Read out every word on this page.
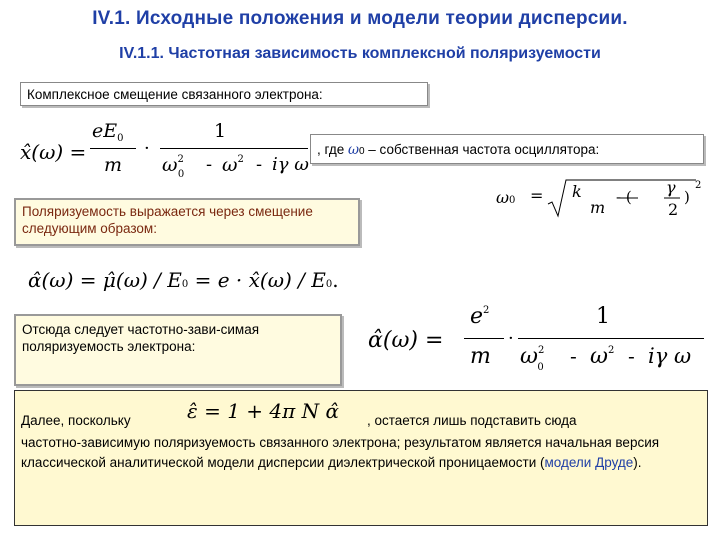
IV.1. Исходные положения и модели теории дисперсии.
IV.1.1. Частотная зависимость комплексной поляризуемости
Комплексное смещение связанного электрона:
x̂(ω) =
$eE_0$
m
·
1
$\omega^2_0$	- $\omega^2$ - iγ ω
, где ω0 – собственная частота осциллятора:
ω0 = k
m
- ( γ
2
)
2
Поляризуемость выражается через смещение следующим образом:
α̂(ω) = μ̂(ω) / E0 = e · x̂(ω) / E0.
Отсюда следует частотно-зави-симая поляризуемость электрона:	α̂(ω) =
$e^2$
m
·
1
$\omega^2_0$	- $\omega^2$ - iγ ω
Далее, поскольку	ε̂ = 1 + 4π N α̂ , остается лишь подставить сюда
частотно-зависимую поляризуемость связанного электрона; результатом является начальная версия классической аналитической модели дисперсии диэлектрической проницаемости (модели Друде).
